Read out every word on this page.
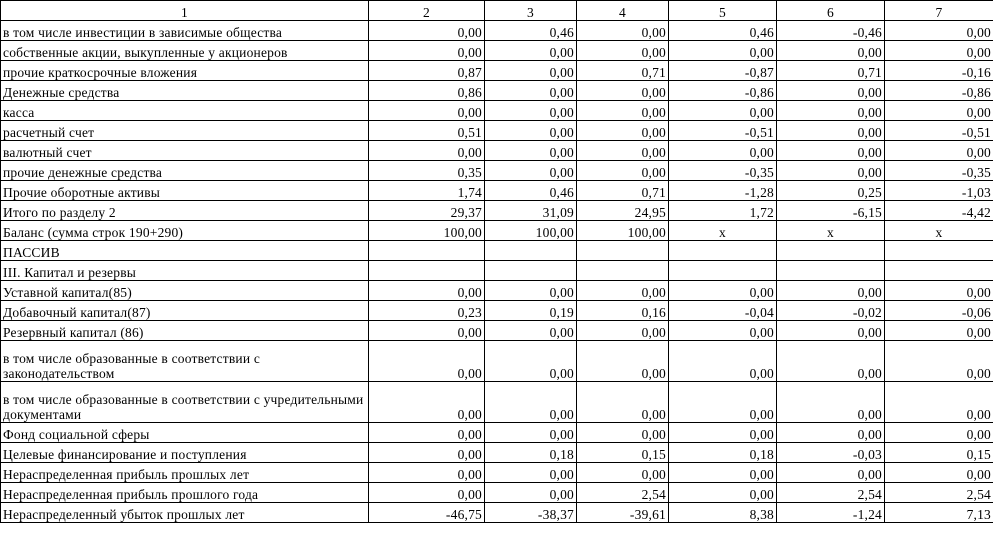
1	2	3	4	5	6	7
в том числе инвестиции в зависимые общества	0,00	0,46	0,00	0,46	-0,46	0,00
собственные акции, выкупленные у акционеров	0,00	0,00	0,00	0,00	0,00	0,00
прочие краткосрочные вложения	0,87	0,00	0,71	-0,87	0,71	-0,16
Денежные средства	0,86	0,00	0,00	-0,86	0,00	-0,86
касса	0,00	0,00	0,00	0,00	0,00	0,00
расчетный счет	0,51	0,00	0,00	-0,51	0,00	-0,51
валютный счет	0,00	0,00	0,00	0,00	0,00	0,00
прочие денежные средства	0,35	0,00	0,00	-0,35	0,00	-0,35
Прочие оборотные активы	1,74	0,46	0,71	-1,28	0,25	-1,03
Итого по разделу 2	29,37	31,09	24,95	1,72	-6,15	-4,42
Баланс (сумма строк 190+290)	100,00	100,00	100,00	x	x	x
ПАССИВ						
III. Капитал и резервы						
Уставной капитал(85)	0,00	0,00	0,00	0,00	0,00	0,00
Добавочный капитал(87)	0,23	0,19	0,16	-0,04	-0,02	-0,06
Резервный капитал (86)	0,00	0,00	0,00	0,00	0,00	0,00
в том числе образованные в соответствии с законодательством	0,00	0,00	0,00	0,00	0,00	0,00
в том числе образованные в соответствии с учредительными документами	0,00	0,00	0,00	0,00	0,00	0,00
Фонд социальной сферы	0,00	0,00	0,00	0,00	0,00	0,00
Целевые финансирование и поступления	0,00	0,18	0,15	0,18	-0,03	0,15
Нераспределенная прибыль прошлых лет	0,00	0,00	0,00	0,00	0,00	0,00
Нераспределенная прибыль прошлого года	0,00	0,00	2,54	0,00	2,54	2,54
Нераспределенный убыток прошлых лет	-46,75	-38,37	-39,61	8,38	-1,24	7,13
